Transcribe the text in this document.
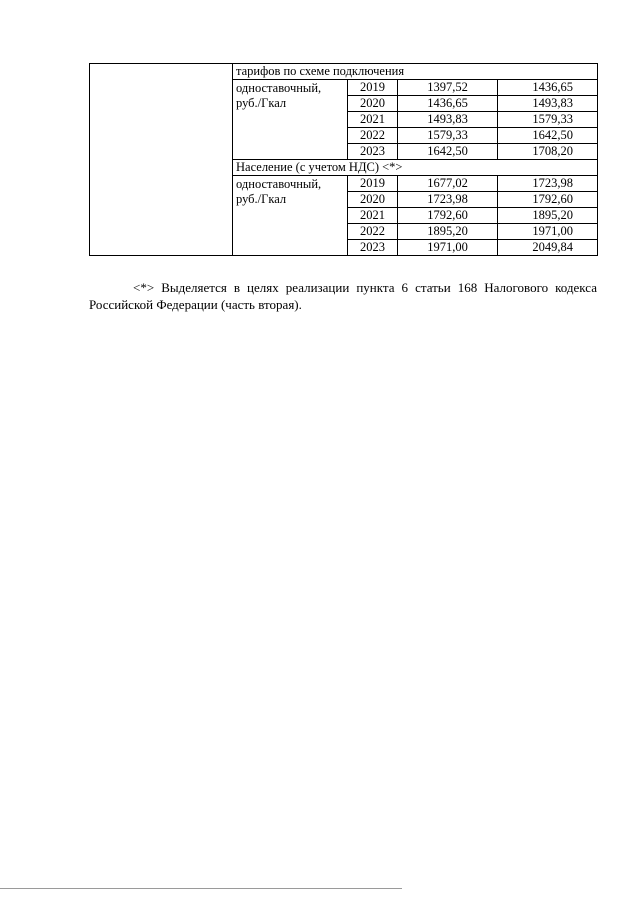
	тарифов по схеме подключения			
	одноставочный, руб./Гкал	2019	1397,52	1436,65
		2020	1436,65	1493,83
		2021	1493,83	1579,33
		2022	1579,33	1642,50
		2023	1642,50	1708,20
	Население (с учетом НДС) <*>			
	одноставочный, руб./Гкал	2019	1677,02	1723,98
		2020	1723,98	1792,60
		2021	1792,60	1895,20
		2022	1895,20	1971,00
		2023	1971,00	2049,84

<*> Выделяется в целях реализации пункта 6 статьи 168 Налогового кодекса Российской Федерации (часть вторая).
